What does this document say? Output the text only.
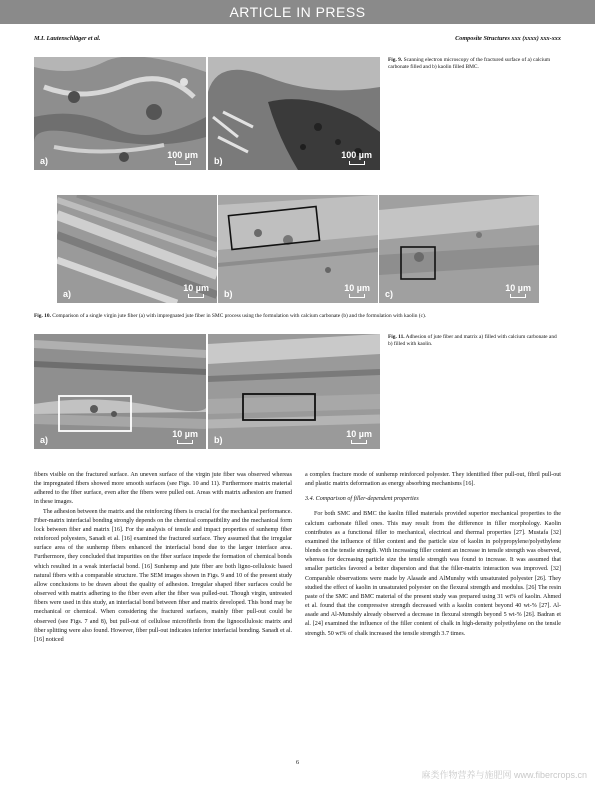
ARTICLE IN PRESS
M.I. Lautenschläger et al.	Composite Structures xxx (xxxx) xxx-xxx
a)
100 µm
b)
100 µm
Fig. 9. Scanning electron microscopy of the fractured surface of a) calcium carbonate filled and b) kaolin filled BMC.
a)
10 µm
b)
10 µm
c)
10 µm
Fig. 10. Comparison of a single virgin jute fiber (a) with impregnated jute fiber in SMC process using the formulation with calcium carbonate (b) and the formulation with kaolin (c).
a)
10 µm
b)
10 µm
Fig. 11. Adhesion of jute fiber and matrix a) filled with calcium carbonate and b) filled with kaolin.

fibers visible on the fractured surface. An uneven surface of the virgin jute fiber was observed whereas the impregnated fibers showed more smooth surfaces (see Figs. 10 and 11). Furthermore matrix material adhered to the fiber surface, even after the fibers were pulled out. Areas with matrix adhesion are framed in these images.

The adhesion between the matrix and the reinforcing fibers is crucial for the mechanical performance. Fiber-matrix interfacial bonding strongly depends on the chemical compatibility and the mechanical form lock between fiber and matrix [16]. For the analysis of tensile and impact properties of sunhemp fiber reinforced polyesters, Sanadi et al. [16] examined the fractured surface. They assumed that the irregular surface area of the sunhemp fibers enhanced the interfacial bond due to the larger interface area. Furthermore, they concluded that impurities on the fiber surface impede the formation of chemical bonds which resulted in a weak interfacial bond. [16] Sunhemp and jute fiber are both ligno-cellulosic based natural fibers with a comparable structure. The SEM images shown in Figs. 9 and 10 of the present study allow conclusions to be drawn about the quality of adhesion. Irregular shaped fiber surfaces could be observed with matrix adhering to the fiber even after the fiber was pulled-out. Though virgin, untreated fibers were used in this study, an interfacial bond between fiber and matrix developed. This bond may be mechanical or chemical. When considering the fractured surfaces, mainly fiber pull-out could be observed (see Figs. 7 and 8), but pull-out of cellulose microfibrils from the lignocellulosic matrix and fiber splitting were also found. However, fiber pull-out indicates inferior interfacial bonding. Sanadi et al. [16] noticed

a complex fracture mode of sunhemp reinforced polyester. They identified fiber pull-out, fibril pull-out and plastic matrix deformation as energy absorbing mechanisms [16].

3.4. Comparison of filler-dependent properties

For both SMC and BMC the kaolin filled materials provided superior mechanical properties to the calcium carbonate filled ones. This may result from the difference in filler morphology. Kaolin contributes as a functional filler to mechanical, electrical and thermal properties [27]. Mustafa [32] examined the influence of filler content and the particle size of kaolin in polypropylene/polyethylene blends on the tensile strength. With increasing filler content an increase in tensile strength was observed, whereas for decreasing particle size the tensile strength was found to increase. It was assumed that smaller particles favored a better dispersion and that the filler-matrix interaction was improved. [32] Comparable observations were made by Alasade and AlMunshy with unsaturated polyester [26]. They studied the effect of kaolin in unsaturated polyester on the flexural strength and modulus. [26] The resin paste of the SMC and BMC material of the present study was prepared using 31 wt% of kaolin. Ahmed et al. found that the compressive strength decreased with a kaolin content beyond 40 wt-% [27]. Al-asade and Al-Munshdy already observed a decrease in flexural strength beyond 5 wt-% [26]. Badran et al. [24] examined the influence of the filler content of chalk in high-density polyethylene on the tensile strength. 50 wt% of chalk increased the tensile strength 3.7 times.

6
麻类作物营养与施肥网 www.fibercrops.cn
